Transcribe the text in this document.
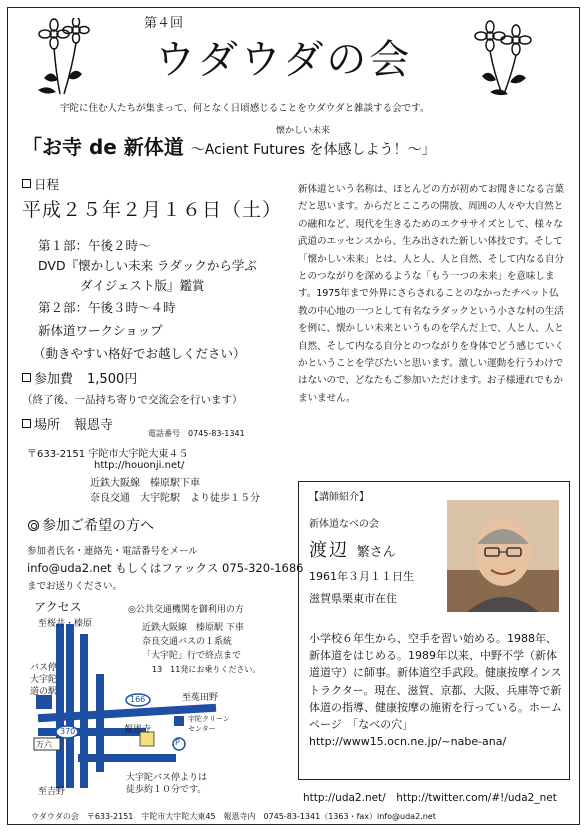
第４回
ウダウダの会
宇陀に住む人たちが集まって、何となく日頃感じることをウダウダと雑談する会です。
「お寺 de 新体道
懐かしい未来
～Acient Futures を体感しよう！～」
日程
平成２５年２月１６日（土）
第１部：午後２時～
DVD『懐かしい未来 ラダックから学ぶ
ダイジェスト版』鑑賞
第２部：午後３時～４時
新体道ワークショップ
（動きやすい格好でお越しください）
参加費 1,500円
（終了後、一品持ち寄りで交流会を行います）
場所 報恩寺
電話番号　0745-83-1341
〒633-2151 宇陀市大宇陀大東４５
http://houonji.net/
近鉄大阪線　榛原駅下車
奈良交通　大宇陀駅　より徒歩１５分
参加ご希望の方へ
参加者氏名・連絡先・電話番号をメール
info@uda2.net もしくはファックス 075-320-1686
までお送りください。
アクセス
至桜井・榛原
◎公共交通機関を御利用の方
近鉄大阪線　榛原駅 下車
奈良交通バスの１系統
「大宇陀」行で終点まで
13　11発にお乗りください。
バス停
大宇陀
道の駅
166
370
至菟田野
万六
報恩寺
宇陀クリーン
センター
P
至吉野
大宇陀バス停よりは
徒歩約１０分です。
新体道という名称は、ほとんどの方が初めてお聞きになる言葉だと思います。からだとこころの開放、周囲の人々や大自然との融和など、現代を生きるためのエクササイズとして、様々な武道のエッセンスから、生み出された新しい体技です。そして「懐かしい未来」とは、人と人、人と自然、そして内なる自分とのつながりを深めるような「もう一つの未来」を意味します。1975年まで外界にさらされることのなかったチベット仏教の中心地の一つとして有名なラダックという小さな村の生活を例に、懐かしい未来というものを学んだ上で、人と人、人と自然、そして内なる自分とのつながりを身体でどう感じていくかということを学びたいと思います。激しい運動を行うわけではないので、どなたもご参加いただけます。お子様連れでもかまいません。
【講師紹介】
新体道なべの会
渡辺 繁さん
1961年３月１１日生
滋賀県栗東市在住
小学校６年生から、空手を習い始める。1988年、新体道をはじめる。1989年以来、中野不学（新体道道守）に師事。新体道空手武段。健康按摩インストラクター。現在、滋賀、京都、大阪、兵庫等で新体道の指導、健康按摩の施術を行っている。ホームページ　「なべの穴」
http://www15.ocn.ne.jp/~nabe-ana/
http://uda2.net/　http://twitter.com/#!/uda2_net
ウダウダの会　〒633-2151　宇陀市大宇陀大東45　報恩寺内　0745-83-1341（1363・fax）info@uda2.net
